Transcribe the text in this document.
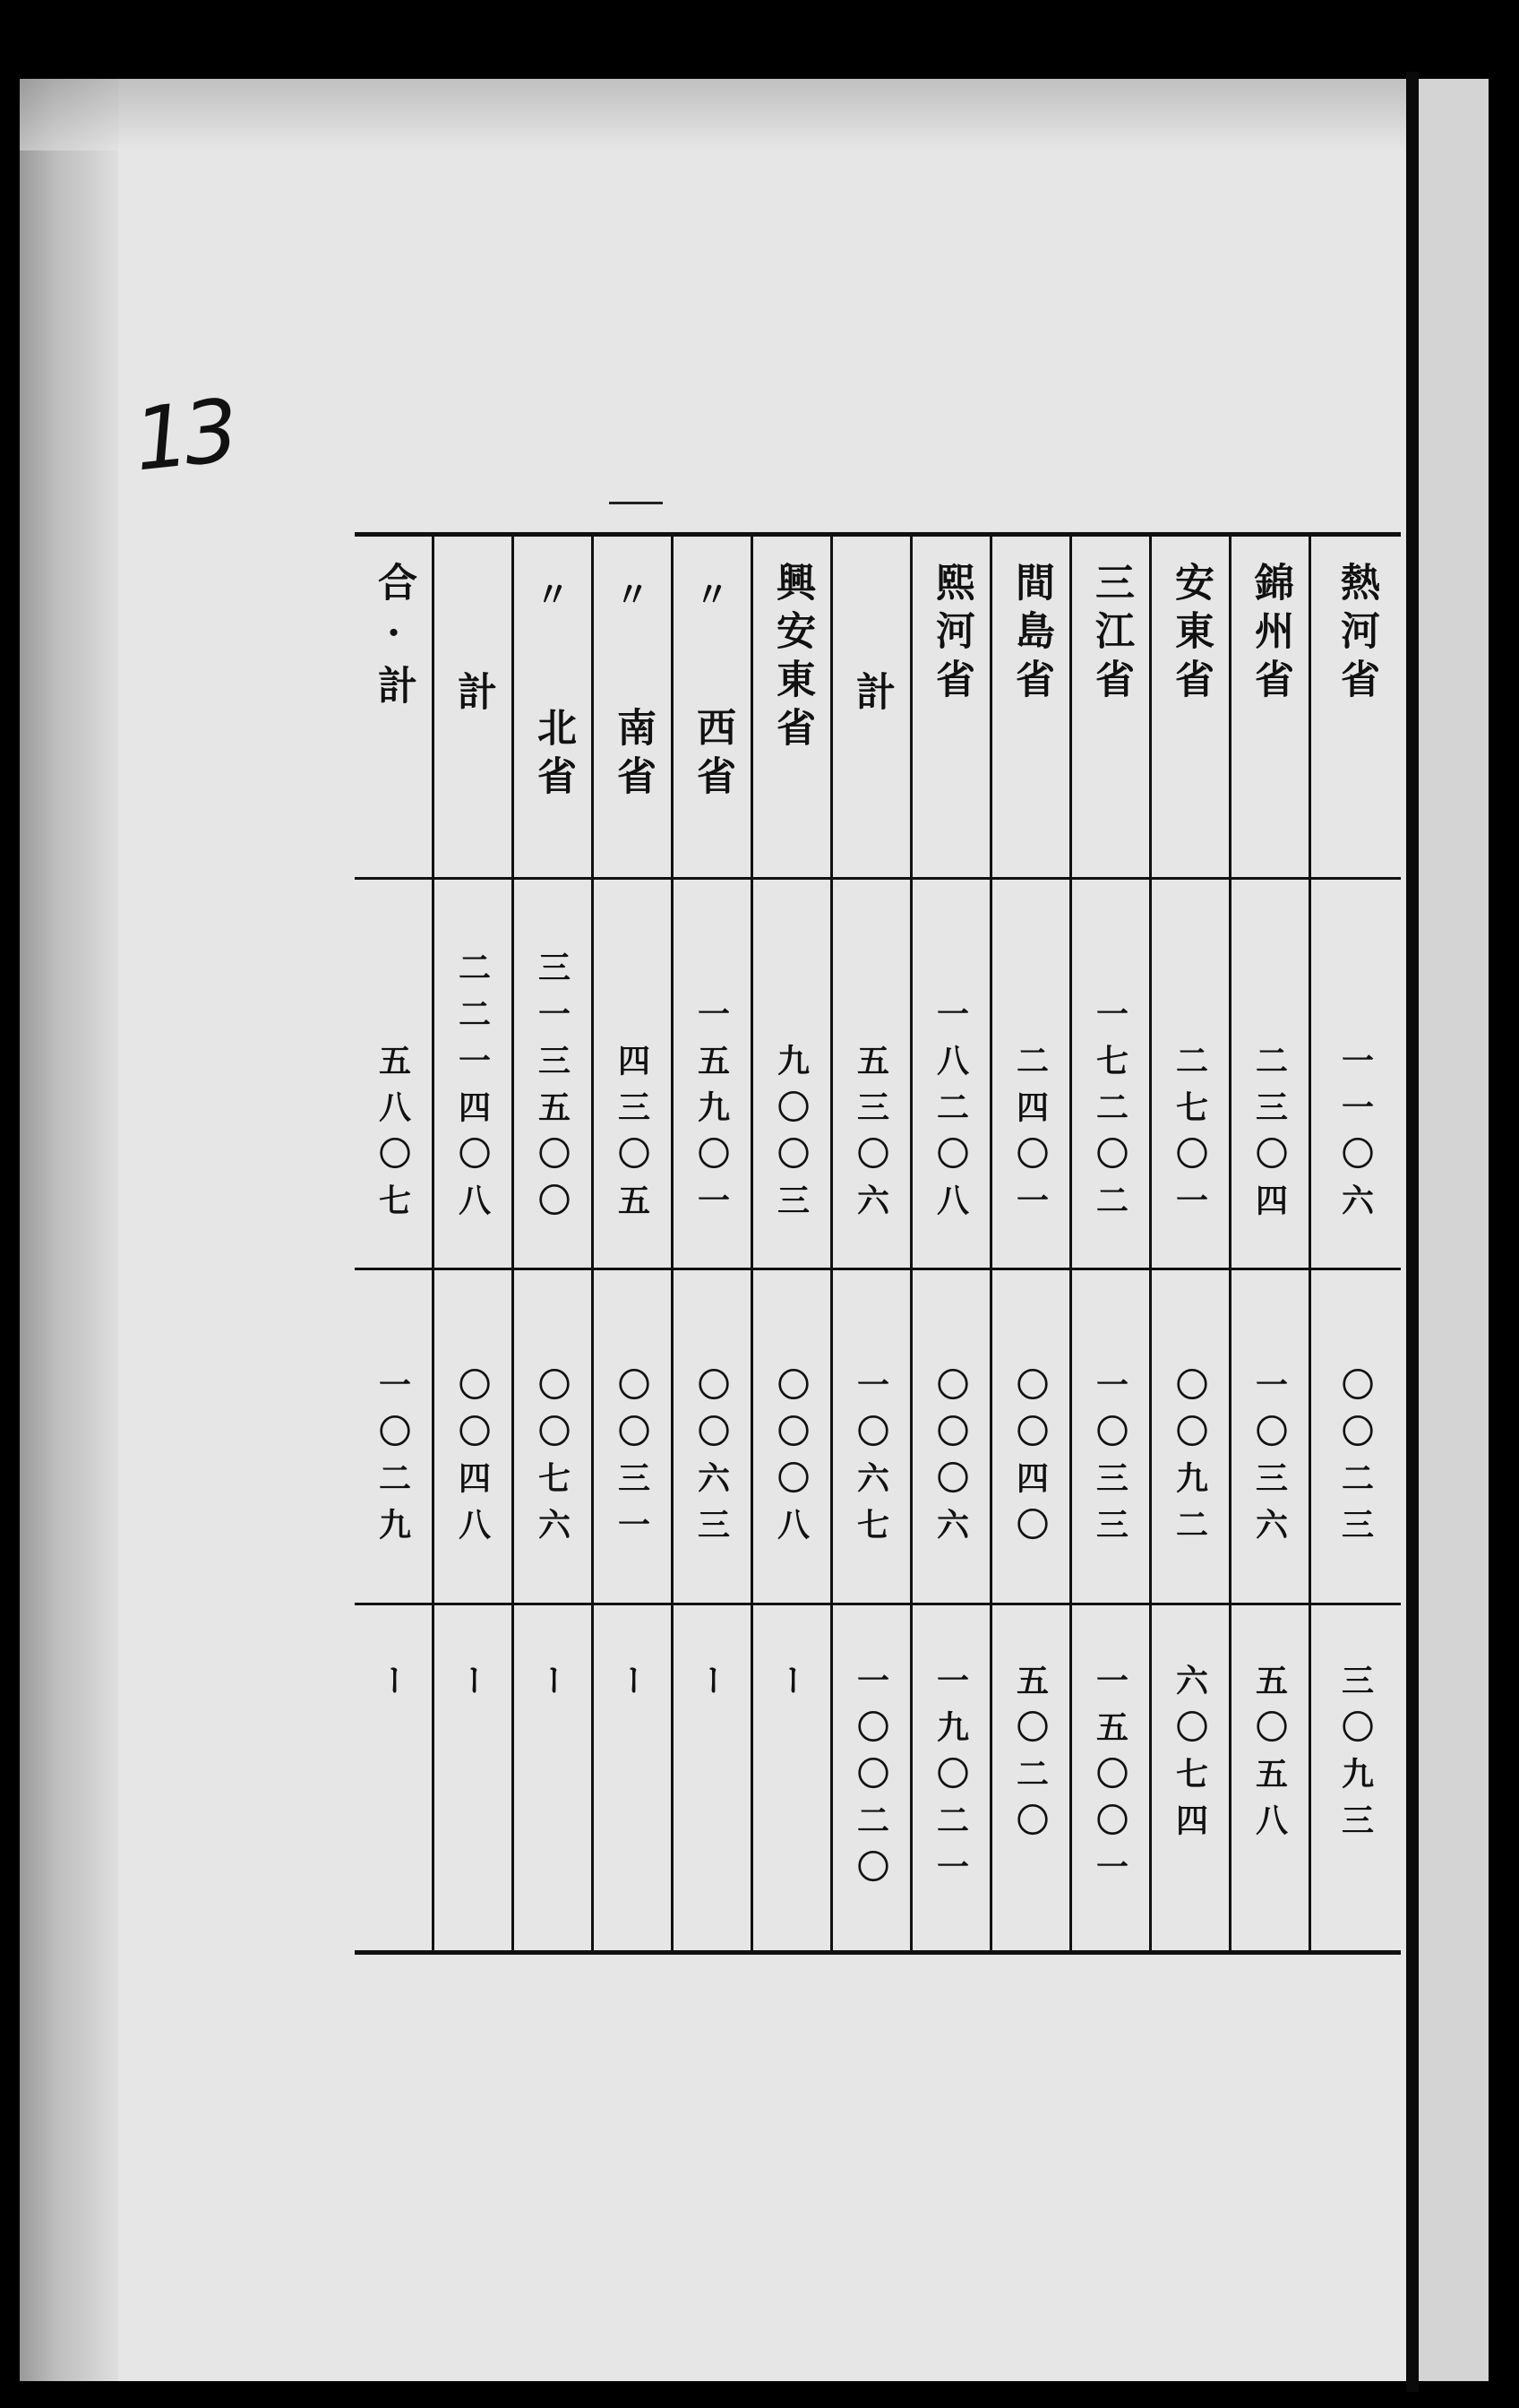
13
合·計
五八〇七
一〇二九
ー
計
二二一四〇八
〇〇四八
ー
〃
北省
三一三五〇〇
〇〇七六
ー
〃
南省
四三〇五
〇〇三一
ー
〃
西省
一五九〇一
〇〇六三
ー
興安東省
九〇〇三
〇〇〇八
ー
計
五三〇六
一〇六七
一〇〇二〇
熙河省
一八二〇八
〇〇〇六
一九〇二一
間島省
二四〇一
〇〇四〇
五〇二〇
三江省
一七二〇二
一〇三三
一五〇〇一
安東省
二七〇一
〇〇九二
六〇七四
錦州省
二三〇四
一〇三六
五〇五八
熱河省
一一〇六
〇〇二三
三〇九三
